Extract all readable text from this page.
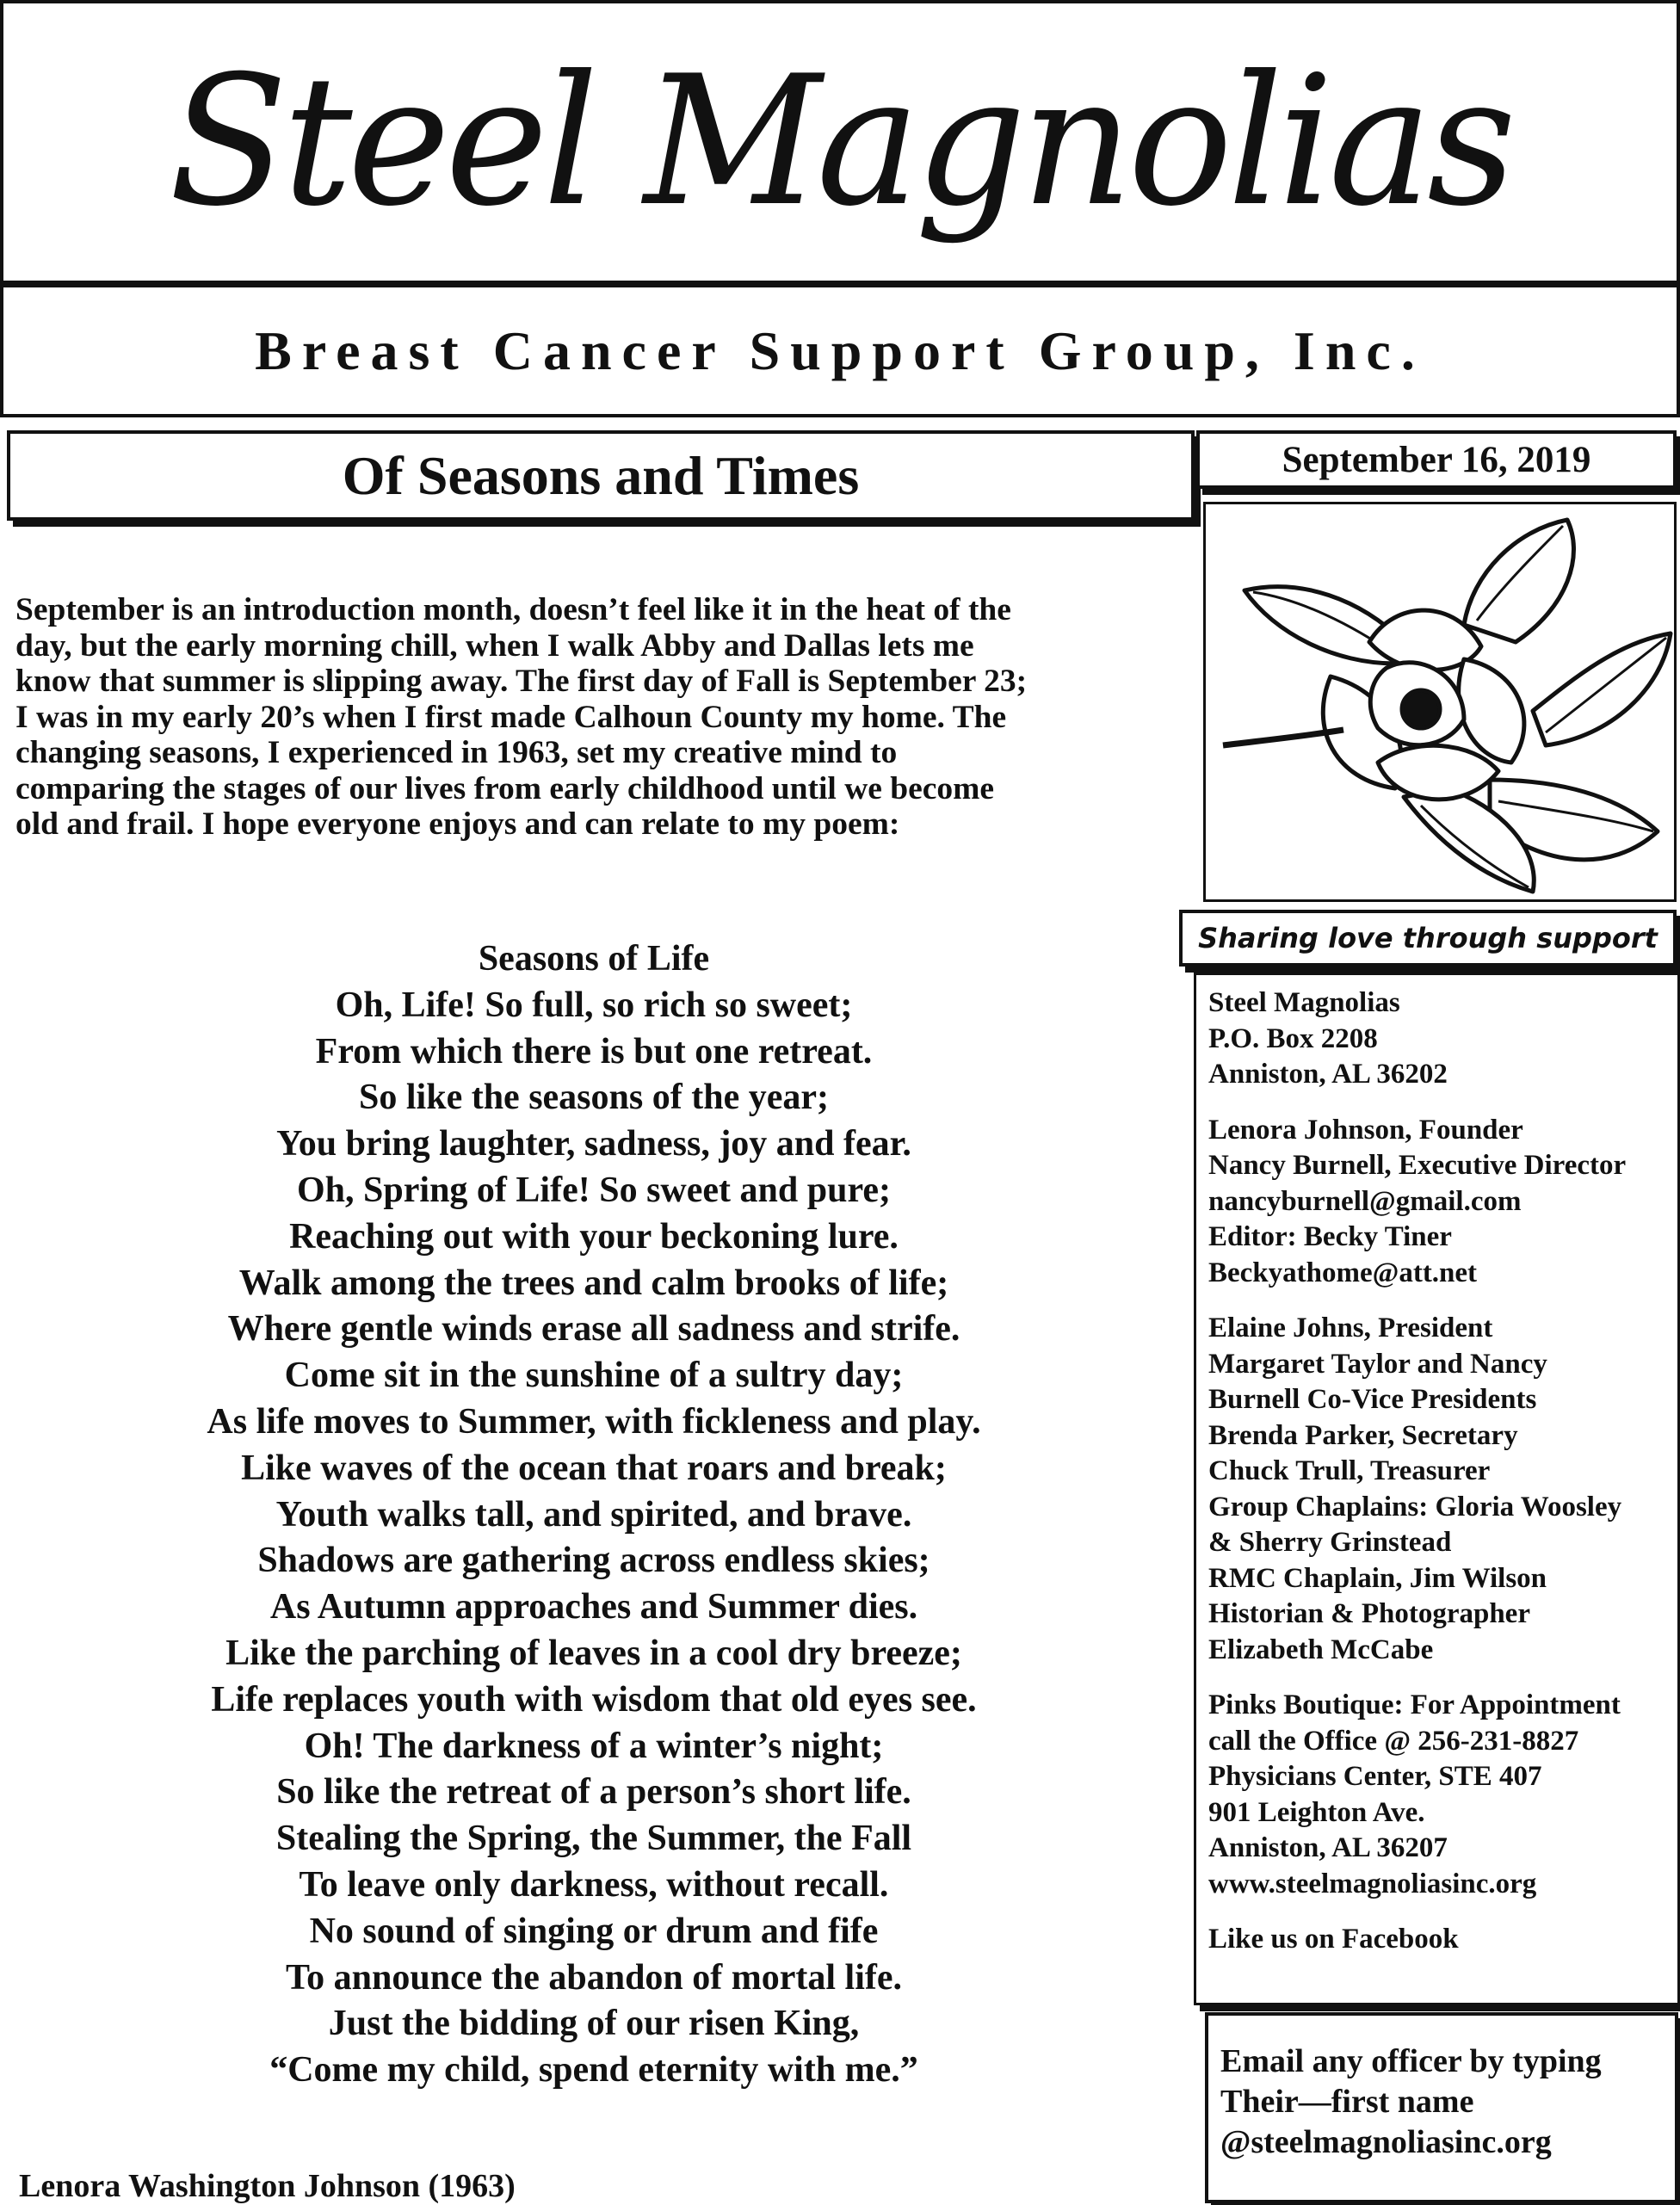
Steel Magnolias
Breast Cancer Support Group, Inc.
Of Seasons and Times	September 16, 2019
Sharing love through support
Steel Magnolias
P.O. Box 2208
Anniston, AL 36202
Lenora Johnson, Founder
Nancy Burnell, Executive Director
nancyburnell@gmail.com
Editor: Becky Tiner
Beckyathome@att.net
Elaine Johns, President
Margaret Taylor and Nancy
Burnell Co-Vice Presidents
Brenda Parker, Secretary
Chuck Trull, Treasurer
Group Chaplains: Gloria Woosley
& Sherry Grinstead
RMC Chaplain, Jim Wilson
Historian & Photographer
Elizabeth McCabe
Pinks Boutique: For Appointment
call the Office @ 256-231-8827
Physicians Center, STE 407
901 Leighton Ave.
Anniston, AL 36207
www.steelmagnoliasinc.org
Like us on Facebook
Email any officer by typing
Their—first name
@steelmagnoliasinc.org
September is an introduction month, doesn’t feel like it in the heat of the
day, but the early morning chill, when I walk Abby and Dallas lets me
know that summer is slipping away. The first day of Fall is September 23;
I was in my early 20’s when I first made Calhoun County my home. The
changing seasons, I experienced in 1963, set my creative mind to
comparing the stages of our lives from early childhood until we become
old and frail. I hope everyone enjoys and can relate to my poem:
Seasons of Life
Oh, Life! So full, so rich so sweet;
From which there is but one retreat.
So like the seasons of the year;
You bring laughter, sadness, joy and fear.
Oh, Spring of Life! So sweet and pure;
Reaching out with your beckoning lure.
Walk among the trees and calm brooks of life;
Where gentle winds erase all sadness and strife.
Come sit in the sunshine of a sultry day;
As life moves to Summer, with fickleness and play.
Like waves of the ocean that roars and break;
Youth walks tall, and spirited, and brave.
Shadows are gathering across endless skies;
As Autumn approaches and Summer dies.
Like the parching of leaves in a cool dry breeze;
Life replaces youth with wisdom that old eyes see.
Oh! The darkness of a winter’s night;
So like the retreat of a person’s short life.
Stealing the Spring, the Summer, the Fall
To leave only darkness, without recall.
No sound of singing or drum and fife
To announce the abandon of mortal life.
Just the bidding of our risen King,
“Come my child, spend eternity with me.”
Lenora Washington Johnson (1963)
